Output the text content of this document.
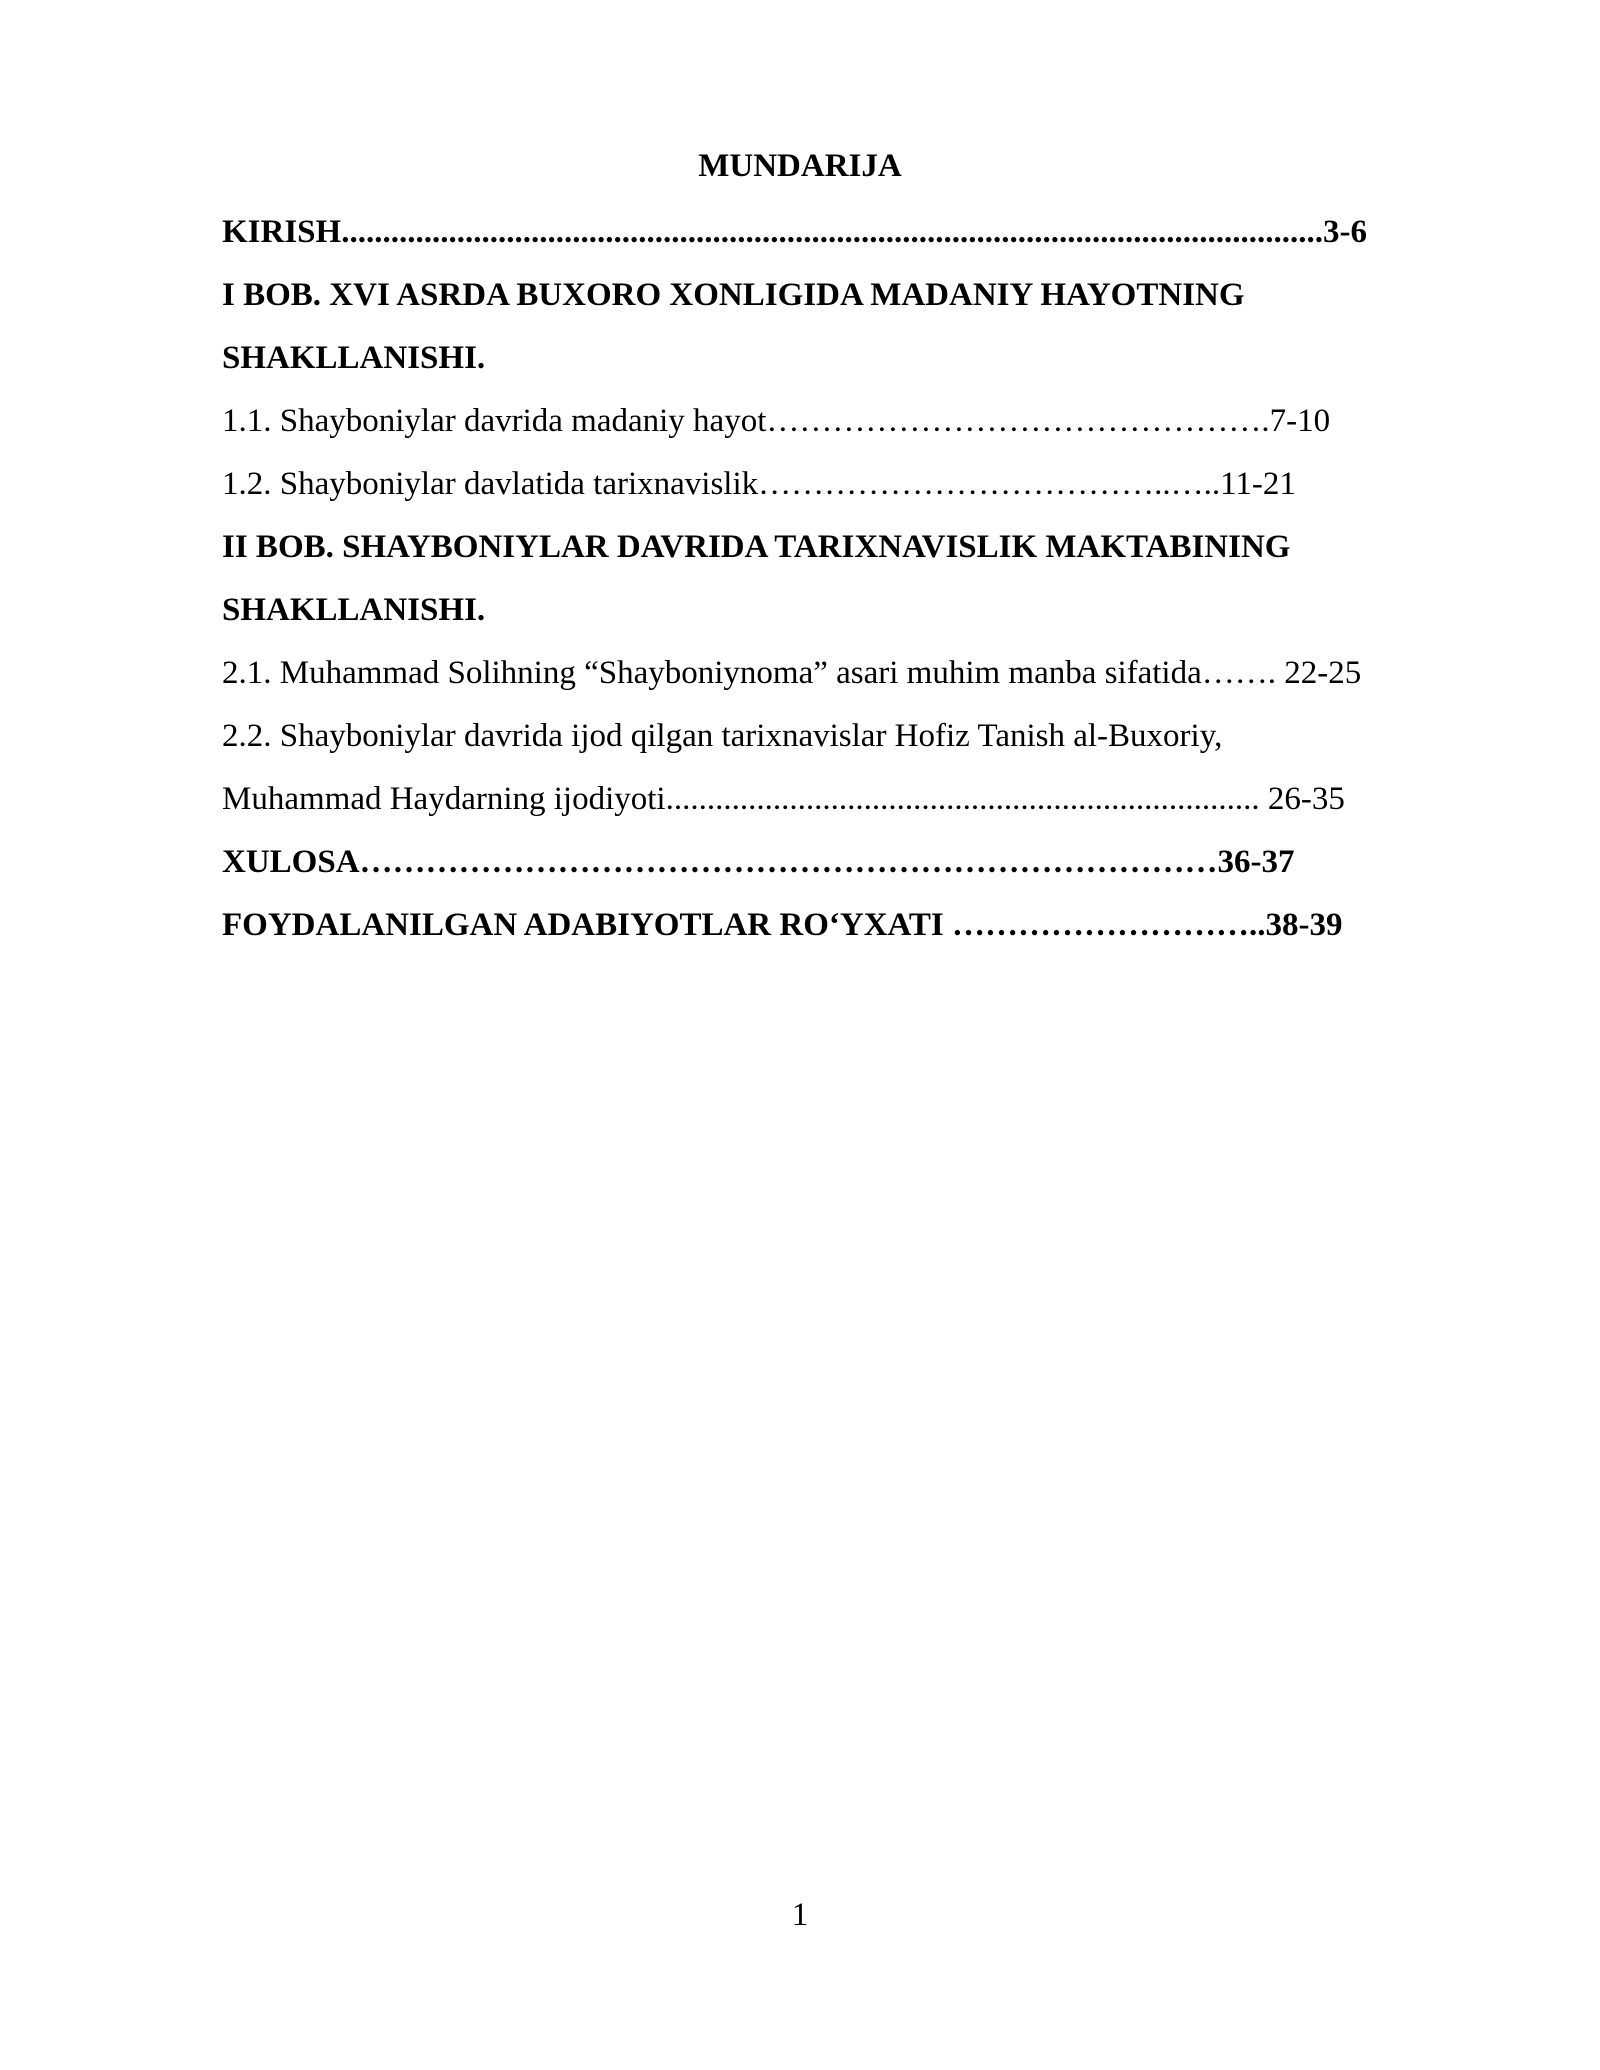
MUNDARIJA
KIRISH.......................................................................................................................3-6
I BOB. XVI ASRDA BUXORO XONLIGIDA MADANIY HAYOTNING
SHAKLLANISHI.
1.1. Shayboniylar davrida madaniy hayot……………………………………….7-10
1.2. Shayboniylar davlatida tarixnavislik………………………………..…..11-21
II BOB. SHAYBONIYLAR DAVRIDA TARIXNAVISLIK MAKTABINING
SHAKLLANISHI.
2.1. Muhammad Solihning “Shayboniynoma” asari muhim manba sifatida……. 22-25
2.2. Shayboniylar davrida ijod qilgan tarixnavislar Hofiz Tanish al-Buxoriy,
Muhammad Haydarning ijodiyoti........................................................................ 26-35
XULOSA……………………………………………………………………36-37
FOYDALANILGAN ADABIYOTLAR RO‘YXATI ………………………..38-39
1
